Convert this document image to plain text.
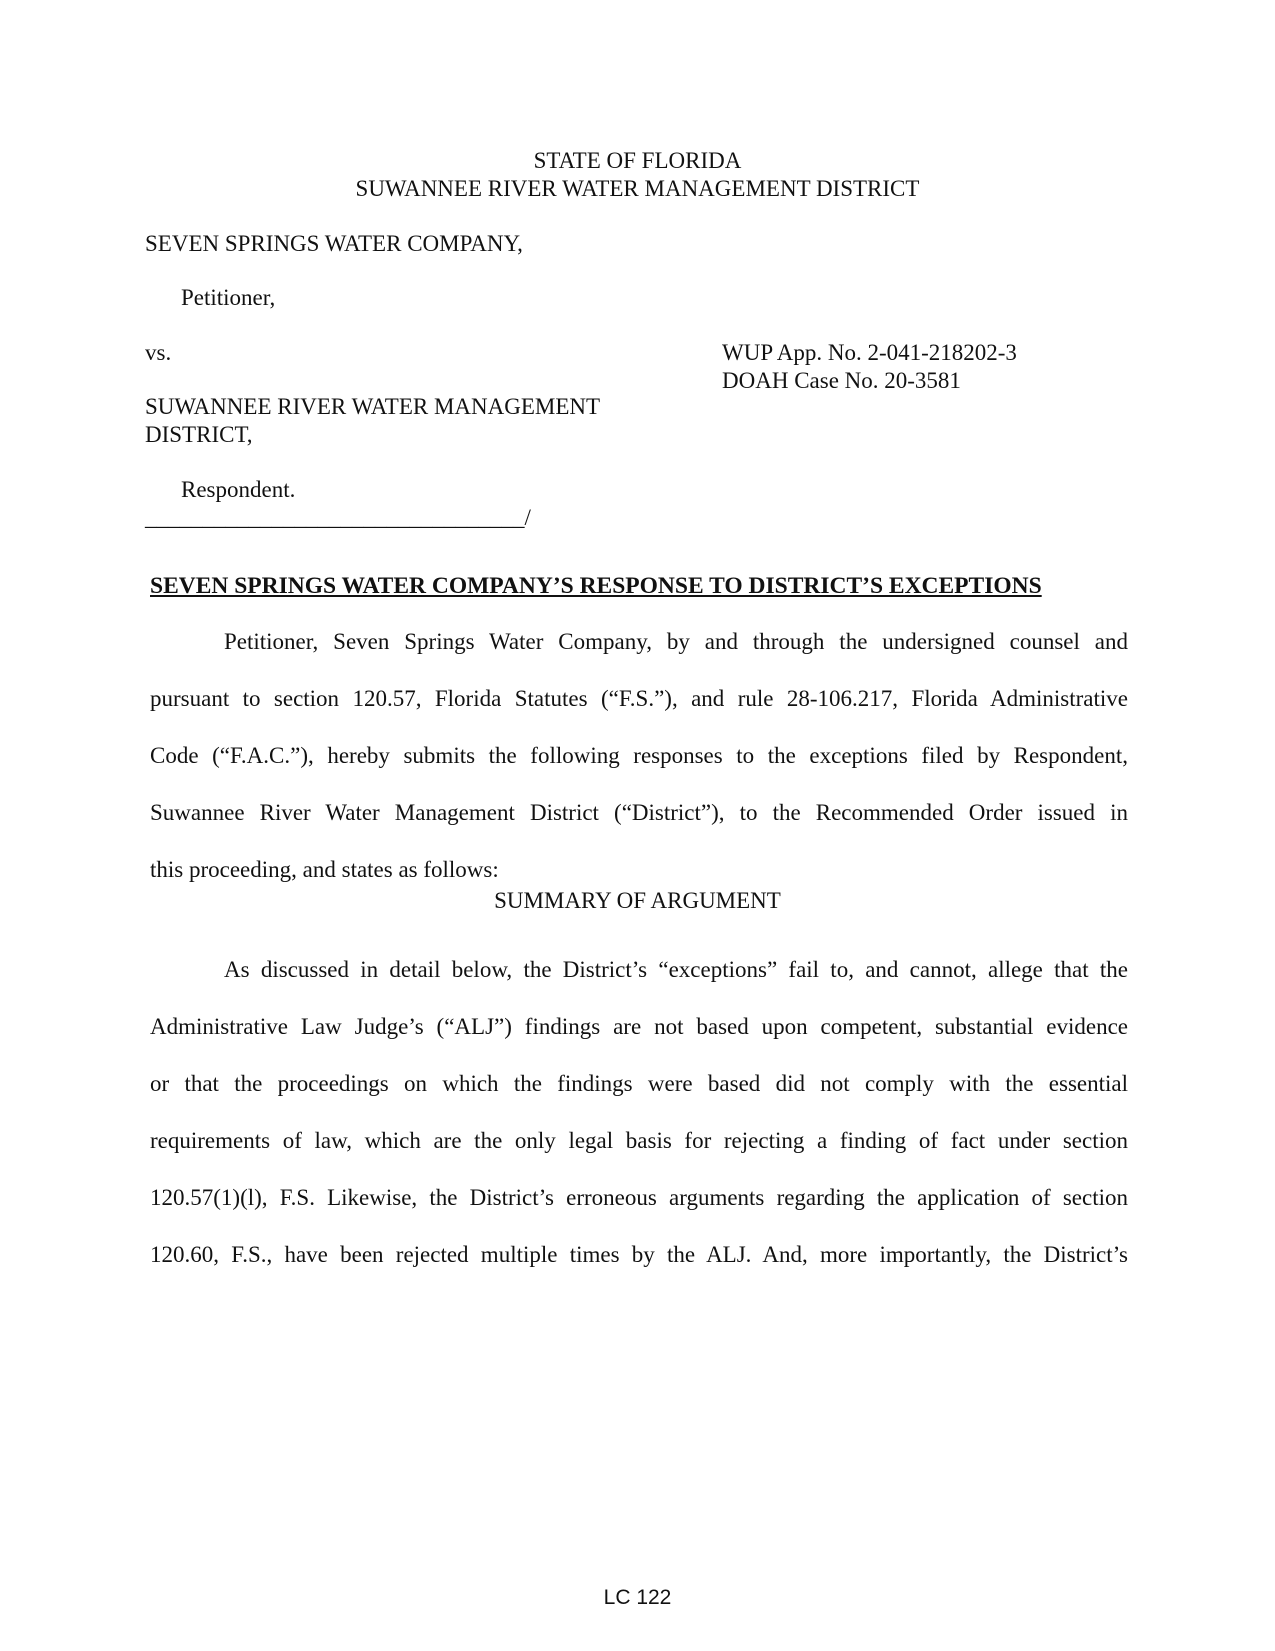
STATE OF FLORIDA
SUWANNEE RIVER WATER MANAGEMENT DISTRICT
SEVEN SPRINGS WATER COMPANY,
Petitioner,
vs.
SUWANNEE RIVER WATER MANAGEMENT
DISTRICT,
Respondent.
_________________________________/
WUP App. No. 2-041-218202-3
DOAH Case No. 20-3581
SEVEN SPRINGS WATER COMPANY’S RESPONSE TO DISTRICT’S EXCEPTIONS
Petitioner, Seven Springs Water Company, by and through the undersigned counsel and
pursuant to section 120.57, Florida Statutes (“F.S.”), and rule 28-106.217, Florida Administrative
Code (“F.A.C.”), hereby submits the following responses to the exceptions filed by Respondent,
Suwannee River Water Management District (“District”), to the Recommended Order issued in
this proceeding, and states as follows:
SUMMARY OF ARGUMENT
As discussed in detail below, the District’s “exceptions” fail to, and cannot, allege that the
Administrative Law Judge’s (“ALJ”) findings are not based upon competent, substantial evidence
or that the proceedings on which the findings were based did not comply with the essential
requirements of law, which are the only legal basis for rejecting a finding of fact under section
120.57(1)(l), F.S. Likewise, the District’s erroneous arguments regarding the application of section
120.60, F.S., have been rejected multiple times by the ALJ. And, more importantly, the District’s
LC 122
